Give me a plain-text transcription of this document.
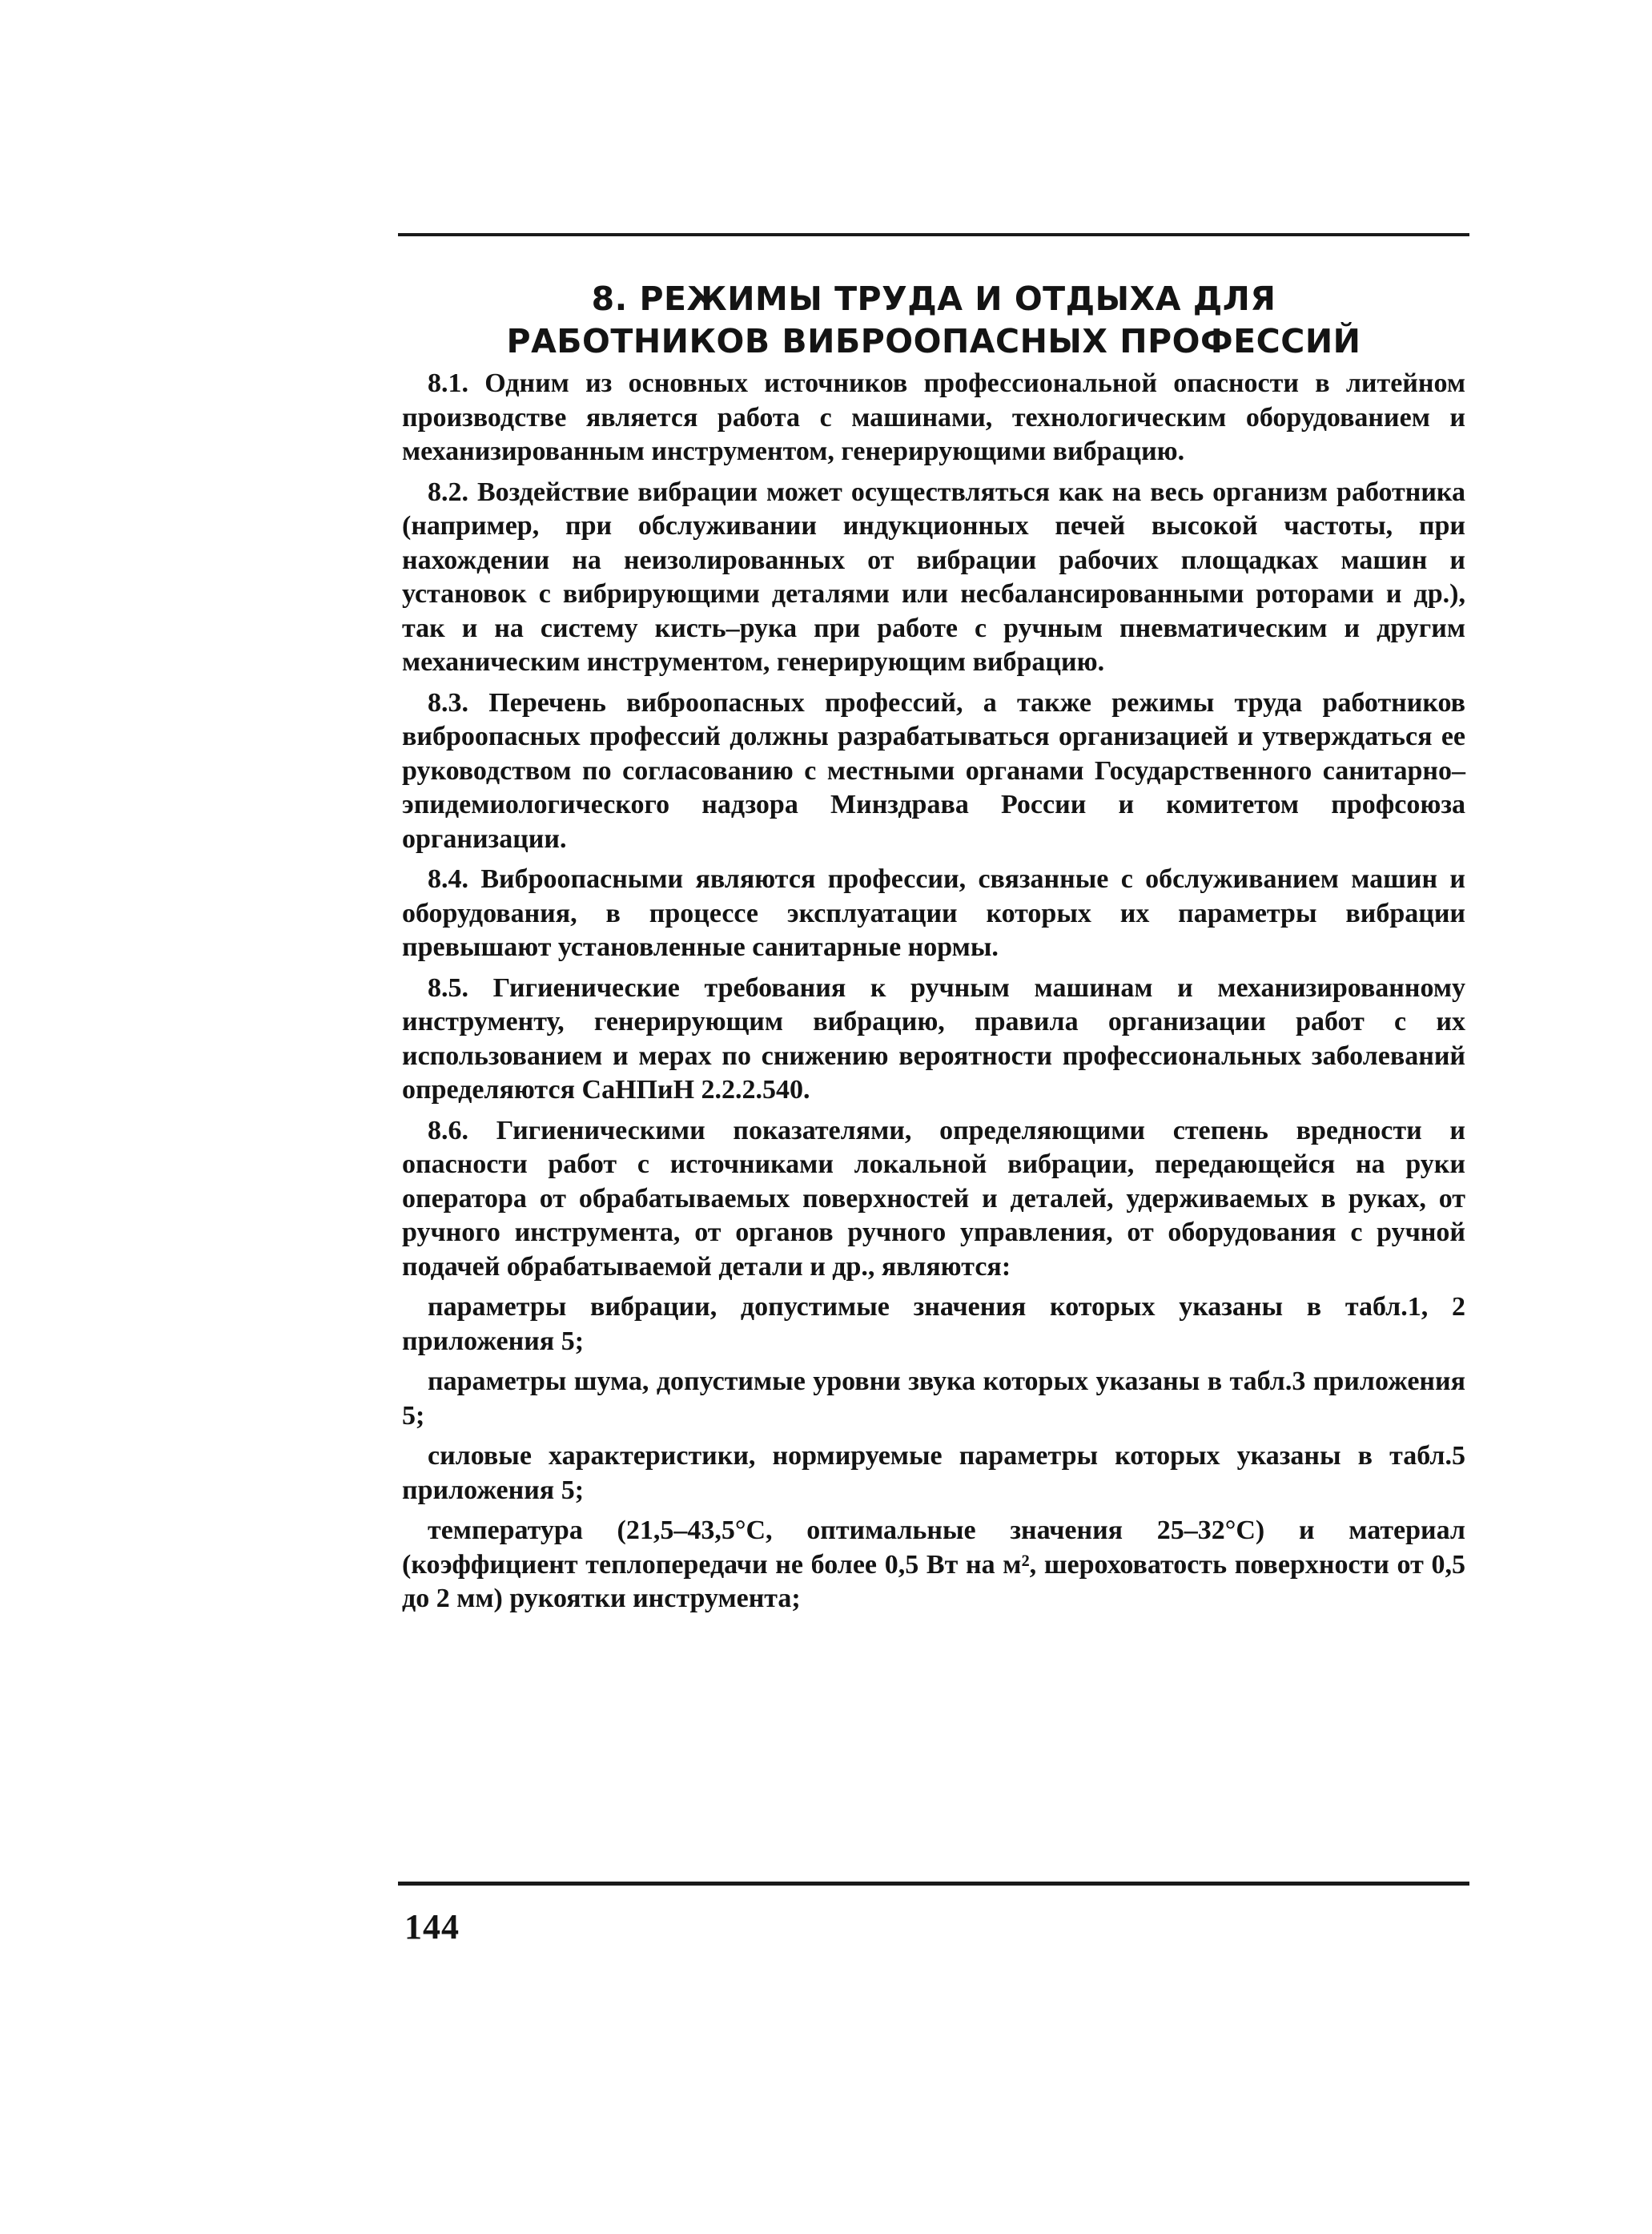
8. РЕЖИМЫ ТРУДА И ОТДЫХА ДЛЯ
РАБОТНИКОВ ВИБРООПАСНЫХ ПРОФЕССИЙ

8.1. Одним из основных источников профессиональной опасности в литейном производстве является работа с машинами, технологическим оборудованием и механизированным инструментом, генерирующими вибрацию.

8.2. Воздействие вибрации может осуществляться как на весь организм работника (например, при обслуживании индукционных печей высокой частоты, при нахождении на неизолированных от вибрации рабочих площадках машин и установок с вибрирующими деталями или несбалансированными роторами и др.), так и на систему кисть–рука при работе с ручным пневматическим и другим механическим инструментом, генерирующим вибрацию.

8.3. Перечень виброопасных профессий, а также режимы труда работников виброопасных профессий должны разрабатываться организацией и утверждаться ее руководством по согласованию с местными органами Государственного санитарно–эпидемиологического надзора Минздрава России и комитетом профсоюза организации.

8.4. Виброопасными являются профессии, связанные с обслуживанием машин и оборудования, в процессе эксплуатации которых их параметры вибрации превышают установленные санитарные нормы.

8.5. Гигиенические требования к ручным машинам и механизированному инструменту, генерирующим вибрацию, правила организации работ с их использованием и мерах по снижению вероятности профессиональных заболеваний определяются СаНПиН 2.2.2.540.

8.6. Гигиеническими показателями, определяющими степень вредности и опасности работ с источниками локальной вибрации, передающейся на руки оператора от обрабатываемых поверхностей и деталей, удерживаемых в руках, от ручного инструмента, от органов ручного управления, от оборудования с ручной подачей обрабатываемой детали и др., являются:

параметры вибрации, допустимые значения которых указаны в табл.1, 2 приложения 5;

параметры шума, допустимые уровни звука которых указаны в табл.3 приложения 5;

силовые характеристики, нормируемые параметры которых указаны в табл.5 приложения 5;

температура (21,5–43,5°С, оптимальные значения 25–32°С) и материал (коэффициент теплопередачи не более 0,5 Вт на м², шероховатость поверхности от 0,5 до 2 мм) рукоятки инструмента;

144
